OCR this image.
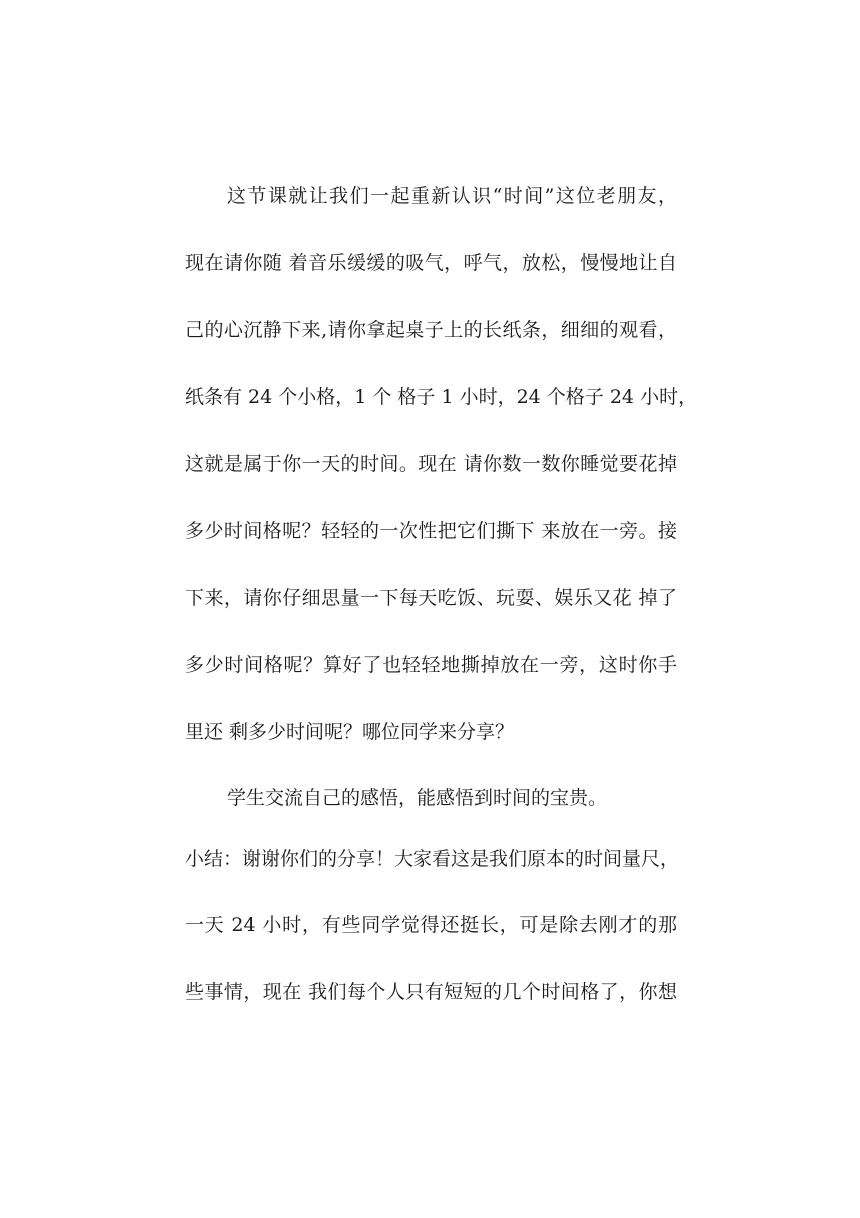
这节课就让我们一起重新认识“时间”这位老朋友，
现在请你随 着音乐缓缓的吸气，呼气，放松，慢慢地让自
己的心沉静下来,请你拿起桌子上的长纸条，细细的观看，
纸条有 24 个小格，1 个 格子 1 小时，24 个格子 24 小时，
这就是属于你一天的时间。现在 请你数一数你睡觉要花掉
多少时间格呢？轻轻的一次性把它们撕下 来放在一旁。接
下来，请你仔细思量一下每天吃饭、玩耍、娱乐又花 掉了
多少时间格呢？算好了也轻轻地撕掉放在一旁，这时你手
里还 剩多少时间呢？哪位同学来分享？
学生交流自己的感悟，能感悟到时间的宝贵。
小结：谢谢你们的分享！大家看这是我们原本的时间量尺，
一天 24 小时，有些同学觉得还挺长，可是除去刚才的那
些事情，现在 我们每个人只有短短的几个时间格了，你想
